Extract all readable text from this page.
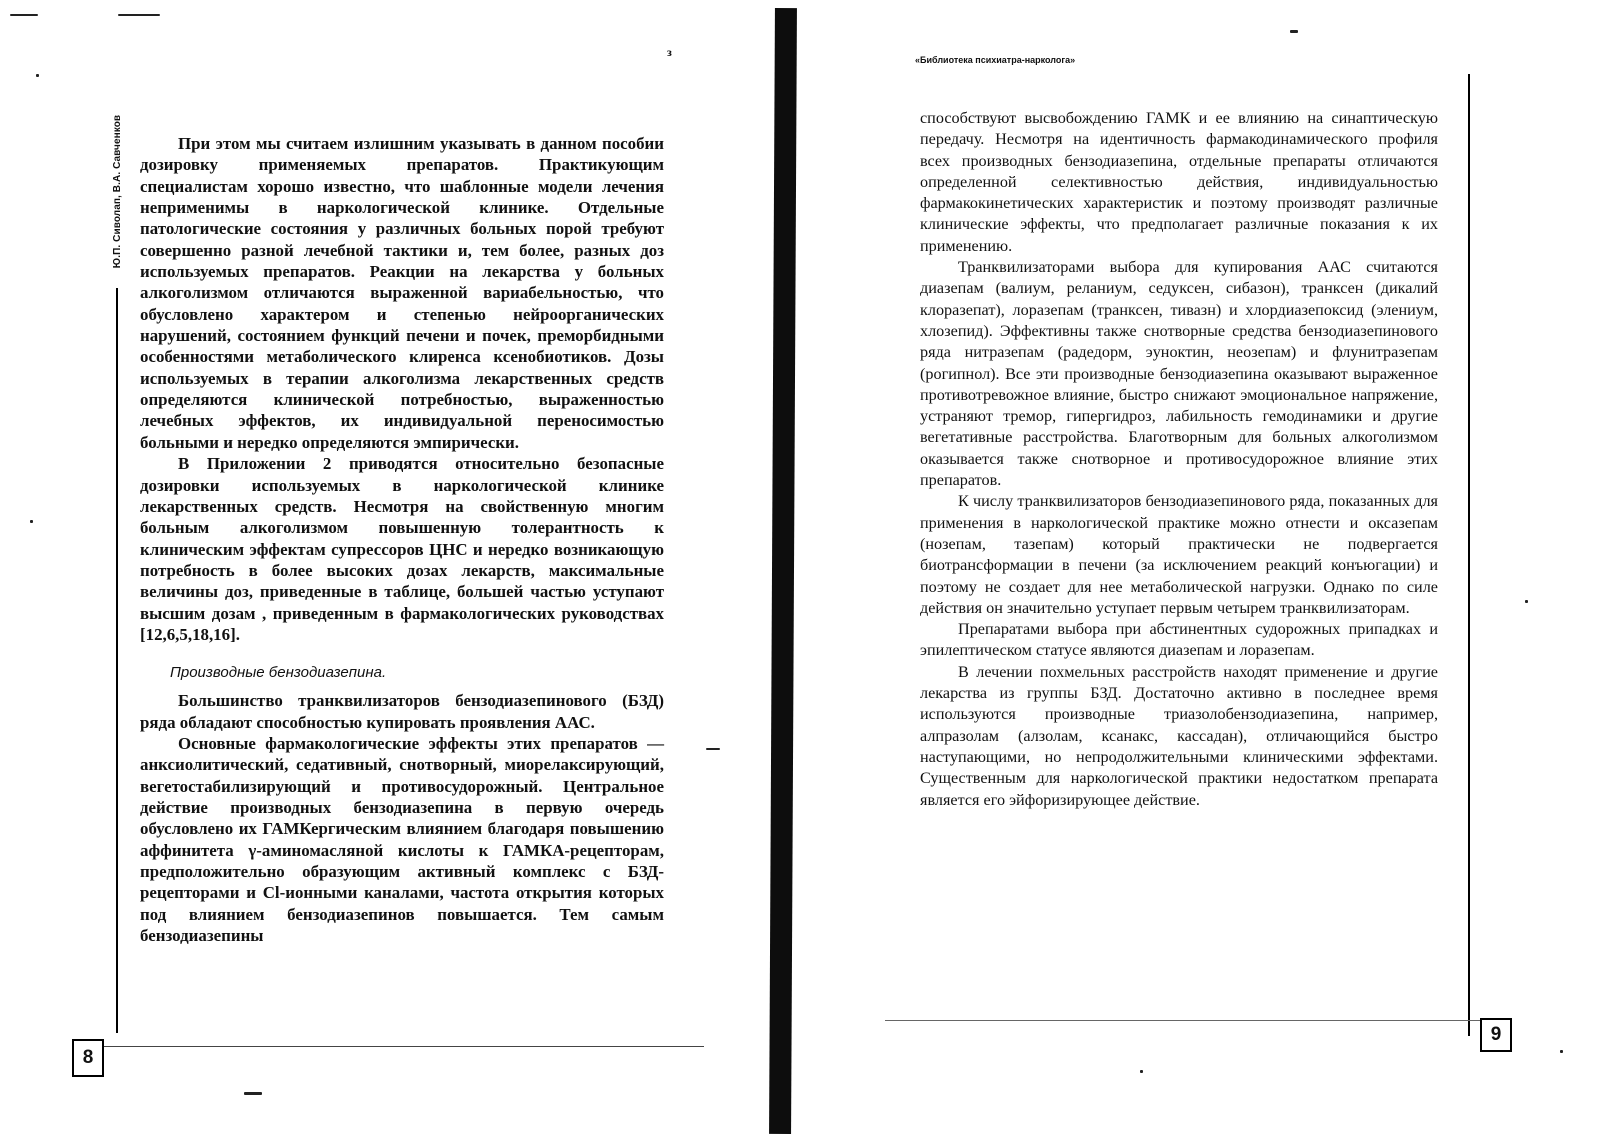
Ю.П. Сиволап, В.А. Савченков
з

При этом мы считаем излишним указывать в данном пособии дозировку применяемых препаратов. Практикующим специалистам хорошо известно, что шаблонные модели лечения неприменимы в наркологической клинике. Отдельные патологические состояния у различных больных порой требуют совершенно разной лечебной тактики и, тем более, разных доз используемых препаратов. Реакции на лекарства у больных алкоголизмом отличаются выраженной вариабельностью, что обусловлено характером и степенью нейроорганических нарушений, состоянием функций печени и почек, преморбидными особенностями метаболического клиренса ксенобиотиков. Дозы используемых в терапии алкоголизма лекарственных средств определяются клинической потребностью, выраженностью лечебных эффектов, их индивидуальной переносимостью больными и нередко определяются эмпирически.

В Приложении 2 приводятся относительно безопасные дозировки используемых в наркологической клинике лекарственных средств. Несмотря на свойственную многим больным алкоголизмом повышенную толерантность к клиническим эффектам супрессоров ЦНС и нередко возникающую потребность в более высоких дозах лекарств, максимальные величины доз, приведенные в таблице, большей частью уступают высшим дозам , приведенным в фармакологических руководствах [12,6,5,18,16].

Производные бензодиазепина.

Большинство транквилизаторов бензодиазепинового (БЗД) ряда обладают способностью купировать проявления ААС.

Основные фармакологические эффекты этих препаратов — анксиолитический, седативный, снотворный, миорелаксирующий, вегетостабилизирующий и противосудорожный. Центральное действие производных бензодиазепина в первую очередь обусловлено их ГАМКергическим влиянием благодаря повышению аффинитета γ-аминомасляной кислоты к ГАМКА-рецепторам, предположительно образующим активный комплекс с БЗД-рецепторами и Cl-ионными каналами, частота открытия которых под влиянием бензодиазепинов повышается. Тем самым бензодиазепины

8
«Библиотека психиатра-нарколога»

способствуют высвобождению ГАМК и ее влиянию на синаптическую передачу. Несмотря на идентичность фармакодинамического профиля всех производных бензодиазепина, отдельные препараты отличаются определенной селективностью действия, индивидуальностью фармакокинетических характеристик и поэтому производят различные клинические эффекты, что предполагает различные показания к их применению.

Транквилизаторами выбора для купирования ААС считаются диазепам (валиум, реланиум, седуксен, сибазон), транксен (дикалий клоразепат), лоразепам (транксен, тивазн) и хлордиазепоксид (элениум, хлозепид). Эффективны также снотворные средства бензодиазепинового ряда нитразепам (радедорм, эуноктин, неозепам) и флунитразепам (рогипнол). Все эти производные бензодиазепина оказывают выраженное противотревожное влияние, быстро снижают эмоциональное напряжение, устраняют тремор, гипергидроз, лабильность гемодинамики и другие вегетативные расстройства. Благотворным для больных алкоголизмом оказывается также снотворное и противосудорожное влияние этих препаратов.

К числу транквилизаторов бензодиазепинового ряда, показанных для применения в наркологической практике можно отнести и оксазепам (нозепам, тазепам) который практически не подвергается биотрансформации в печени (за исключением реакций конъюгации) и поэтому не создает для нее метаболической нагрузки. Однако по силе действия он значительно уступает первым четырем транквилизаторам.

Препаратами выбора при абстинентных судорожных припадках и эпилептическом статусе являются диазепам и лоразепам.

В лечении похмельных расстройств находят применение и другие лекарства из группы БЗД. Достаточно активно в последнее время используются производные триазолобензодиазепина, например, алпразолам (алзолам, ксанакс, кассадан), отличающийся быстро наступающими, но непродолжительными клиническими эффектами. Существенным для наркологической практики недостатком препарата является его эйфоризирующее действие.

9
